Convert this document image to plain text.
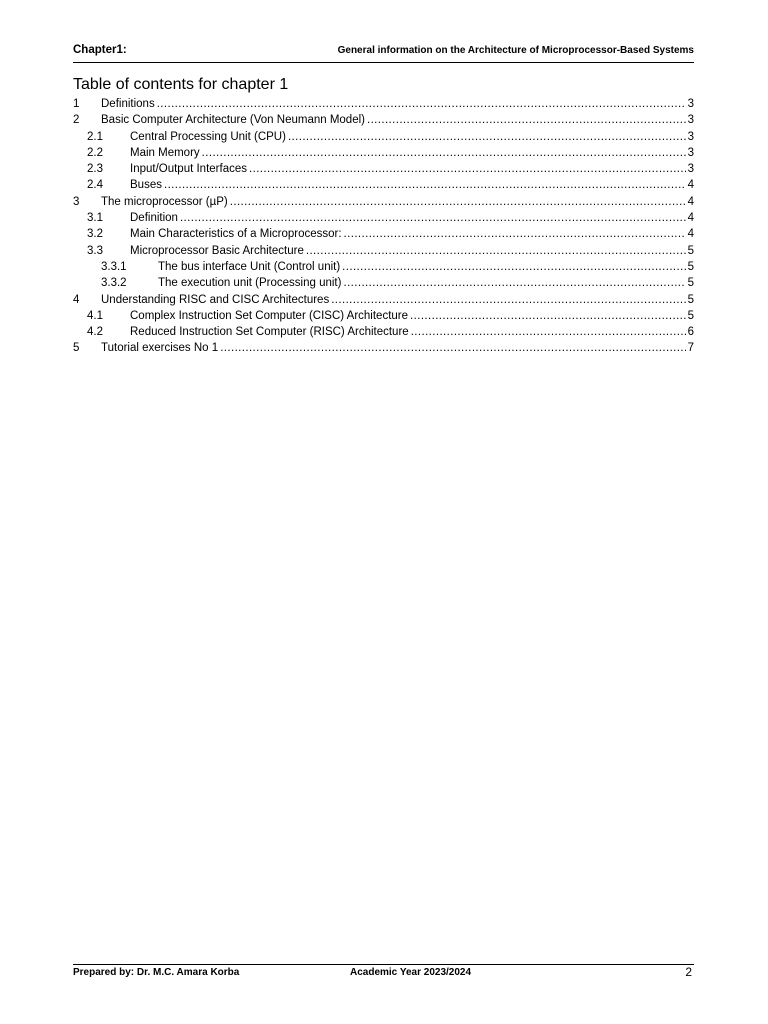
Chapter1:	General information on the Architecture of Microprocessor-Based Systems
Table of contents for chapter 1
1 Definitions .....	3
2 Basic Computer Architecture (Von Neumann Model) .....	3
2.1 Central Processing Unit (CPU) .....	3
2.2 Main Memory .....	3
2.3 Input/Output Interfaces .....	3
2.4 Buses .....	4
3 The microprocessor (µP) .....	4
3.1 Definition .....	4
3.2 Main Characteristics of a Microprocessor: .....	4
3.3 Microprocessor Basic Architecture .....	5
3.3.1	The bus interface Unit (Control unit) .....	5
3.3.2	The execution unit (Processing unit) .....	5
4 Understanding RISC and CISC Architectures .....	5
4.1 Complex Instruction Set Computer (CISC) Architecture .....	5
4.2 Reduced Instruction Set Computer (RISC) Architecture .....	6
5 Tutorial exercises No 1 .....	7
Prepared by: Dr. M.C. Amara Korba	Academic Year 2023/2024	2
